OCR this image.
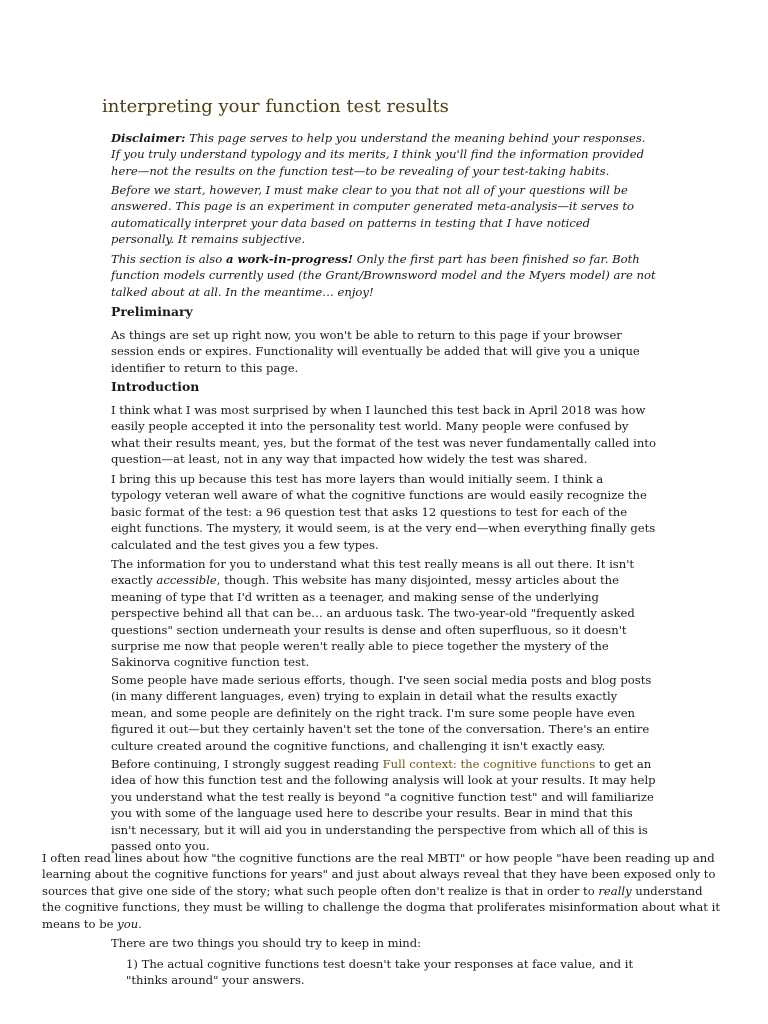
interpreting your function test results

Disclaimer: This page serves to help you understand the meaning behind your responses. If you truly understand typology and its merits, I think you'll find the information provided here—not the results on the function test—to be revealing of your test-taking habits.

Before we start, however, I must make clear to you that not all of your questions will be answered. This page is an experiment in computer generated meta-analysis—it serves to automatically interpret your data based on patterns in testing that I have noticed personally. It remains subjective.

This section is also a work-in-progress! Only the first part has been finished so far. Both function models currently used (the Grant/Brownsword model and the Myers model) are not talked about at all. In the meantime… enjoy!

Preliminary

As things are set up right now, you won't be able to return to this page if your browser session ends or expires. Functionality will eventually be added that will give you a unique identifier to return to this page.

Introduction

I think what I was most surprised by when I launched this test back in April 2018 was how easily people accepted it into the personality test world. Many people were confused by what their results meant, yes, but the format of the test was never fundamentally called into question—at least, not in any way that impacted how widely the test was shared.

I bring this up because this test has more layers than would initially seem. I think a typology veteran well aware of what the cognitive functions are would easily recognize the basic format of the test: a 96 question test that asks 12 questions to test for each of the eight functions. The mystery, it would seem, is at the very end—when everything finally gets calculated and the test gives you a few types.

The information for you to understand what this test really means is all out there. It isn't exactly accessible, though. This website has many disjointed, messy articles about the meaning of type that I'd written as a teenager, and making sense of the underlying perspective behind all that can be… an arduous task. The two-year-old "frequently asked questions" section underneath your results is dense and often superfluous, so it doesn't surprise me now that people weren't really able to piece together the mystery of the Sakinorva cognitive function test.

Some people have made serious efforts, though. I've seen social media posts and blog posts (in many different languages, even) trying to explain in detail what the results exactly mean, and some people are definitely on the right track. I'm sure some people have even figured it out—but they certainly haven't set the tone of the conversation. There's an entire culture created around the cognitive functions, and challenging it isn't exactly easy.

Before continuing, I strongly suggest reading Full context: the cognitive functions to get an idea of how this function test and the following analysis will look at your results. It may help you understand what the test really is beyond "a cognitive function test" and will familiarize you with some of the language used here to describe your results. Bear in mind that this isn't necessary, but it will aid you in understanding the perspective from which all of this is passed onto you.

I often read lines about how "the cognitive functions are the real MBTI" or how people "have been reading up and learning about the cognitive functions for years" and just about always reveal that they have been exposed only to sources that give one side of the story; what such people often don't realize is that in order to really understand the cognitive functions, they must be willing to challenge the dogma that proliferates misinformation about what it means to be you.

There are two things you should try to keep in mind:

1) The actual cognitive functions test doesn't take your responses at face value, and it "thinks around" your answers.
